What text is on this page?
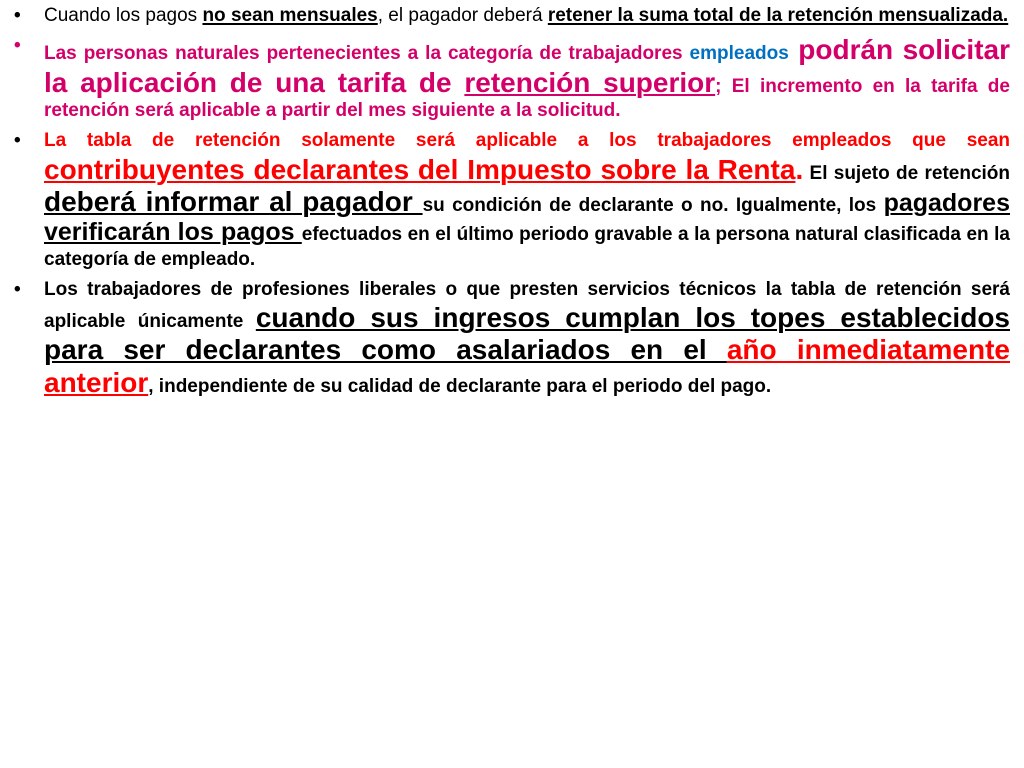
• Cuando los pagos no sean mensuales, el pagador deberá retener la suma total de la retención mensualizada.
• Las personas naturales pertenecientes a la categoría de trabajadores empleados podrán solicitar la aplicación de una tarifa de retención superior; El incremento en la tarifa de retención será aplicable a partir del mes siguiente a la solicitud.
• La tabla de retención solamente será aplicable a los trabajadores empleados que sean contribuyentes declarantes del Impuesto sobre la Renta. El sujeto de retención deberá informar al pagador su condición de declarante o no. Igualmente, los pagadores verificarán los pagos efectuados en el último periodo gravable a la persona natural clasificada en la categoría de empleado.
• Los trabajadores de profesiones liberales o que presten servicios técnicos la tabla de retención será aplicable únicamente cuando sus ingresos cumplan los topes establecidos para ser declarantes como asalariados en el año inmediatamente anterior, independiente de su calidad de declarante para el periodo del pago.
